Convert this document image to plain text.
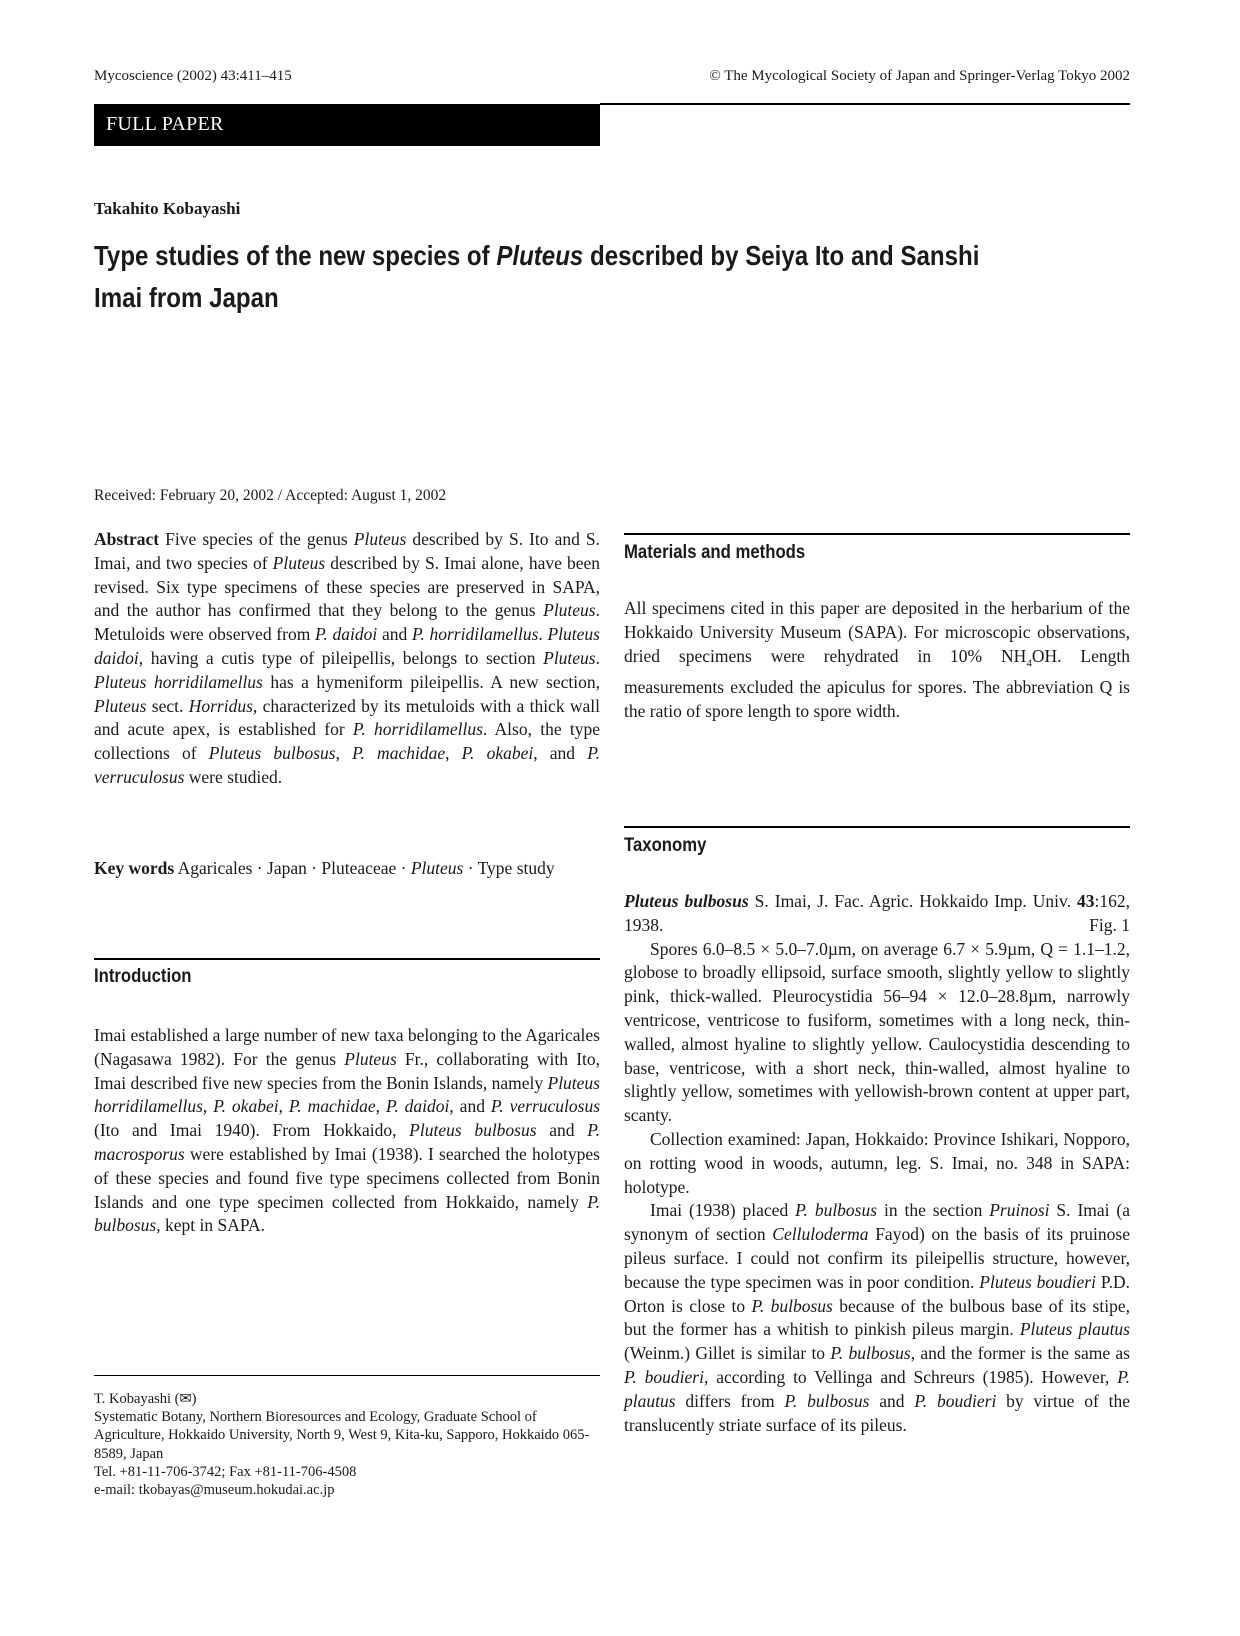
Mycoscience (2002) 43:411–415	© The Mycological Society of Japan and Springer-Verlag Tokyo 2002
FULL PAPER
Takahito Kobayashi
Type studies of the new species of Pluteus described by Seiya Ito and Sanshi Imai from Japan
Received: February 20, 2002 / Accepted: August 1, 2002

Abstract Five species of the genus Pluteus described by S. Ito and S. Imai, and two species of Pluteus described by S. Imai alone, have been revised. Six type specimens of these species are preserved in SAPA, and the author has confirmed that they belong to the genus Pluteus. Metuloids were observed from P. daidoi and P. horridilamellus. Pluteus daidoi, having a cutis type of pileipellis, belongs to section Pluteus. Pluteus horridilamellus has a hymeniform pileipellis. A new section, Pluteus sect. Horridus, characterized by its metuloids with a thick wall and acute apex, is established for P. horridilamellus. Also, the type collections of Pluteus bulbosus, P. machidae, P. okabei, and P. verruculosus were studied.

Key words Agaricales · Japan · Pluteaceae · Pluteus · Type study

Introduction

Imai established a large number of new taxa belonging to the Agaricales (Nagasawa 1982). For the genus Pluteus Fr., collaborating with Ito, Imai described five new species from the Bonin Islands, namely Pluteus horridilamellus, P. okabei, P. machidae, P. daidoi, and P. verruculosus (Ito and Imai 1940). From Hokkaido, Pluteus bulbosus and P. macrosporus were established by Imai (1938). I searched the holotypes of these species and found five type specimens collected from Bonin Islands and one type specimen collected from Hokkaido, namely P. bulbosus, kept in SAPA.

T. Kobayashi (✉)
Systematic Botany, Northern Bioresources and Ecology, Graduate School of Agriculture, Hokkaido University, North 9, West 9, Kita-ku, Sapporo, Hokkaido 065-8589, Japan
Tel. +81-11-706-3742; Fax +81-11-706-4508
e-mail: tkobayas@museum.hokudai.ac.jp
Materials and methods

All specimens cited in this paper are deposited in the herbarium of the Hokkaido University Museum (SAPA). For microscopic observations, dried specimens were rehydrated in 10% $NH_4OH$. Length measurements excluded the apiculus for spores. The abbreviation Q is the ratio of spore length to spore width.

Taxonomy

Pluteus bulbosus S. Imai, J. Fac. Agric. Hokkaido Imp. Univ. 43:162, 1938.	Fig. 1

Spores 6.0–8.5 × 5.0–7.0µm, on average 6.7 × 5.9µm, Q = 1.1–1.2, globose to broadly ellipsoid, surface smooth, slightly yellow to slightly pink, thick-walled. Pleurocystidia 56–94 × 12.0–28.8µm, narrowly ventricose, ventricose to fusiform, sometimes with a long neck, thin-walled, almost hyaline to slightly yellow. Caulocystidia descending to base, ventricose, with a short neck, thin-walled, almost hyaline to slightly yellow, sometimes with yellowish-brown content at upper part, scanty.

Collection examined: Japan, Hokkaido: Province Ishikari, Nopporo, on rotting wood in woods, autumn, leg. S. Imai, no. 348 in SAPA: holotype.

Imai (1938) placed P. bulbosus in the section Pruinosi S. Imai (a synonym of section Celluloderma Fayod) on the basis of its pruinose pileus surface. I could not confirm its pileipellis structure, however, because the type specimen was in poor condition. Pluteus boudieri P.D. Orton is close to P. bulbosus because of the bulbous base of its stipe, but the former has a whitish to pinkish pileus margin. Pluteus plautus (Weinm.) Gillet is similar to P. bulbosus, and the former is the same as P. boudieri, according to Vellinga and Schreurs (1985). However, P. plautus differs from P. bulbosus and P. boudieri by virtue of the translucently striate surface of its pileus.
